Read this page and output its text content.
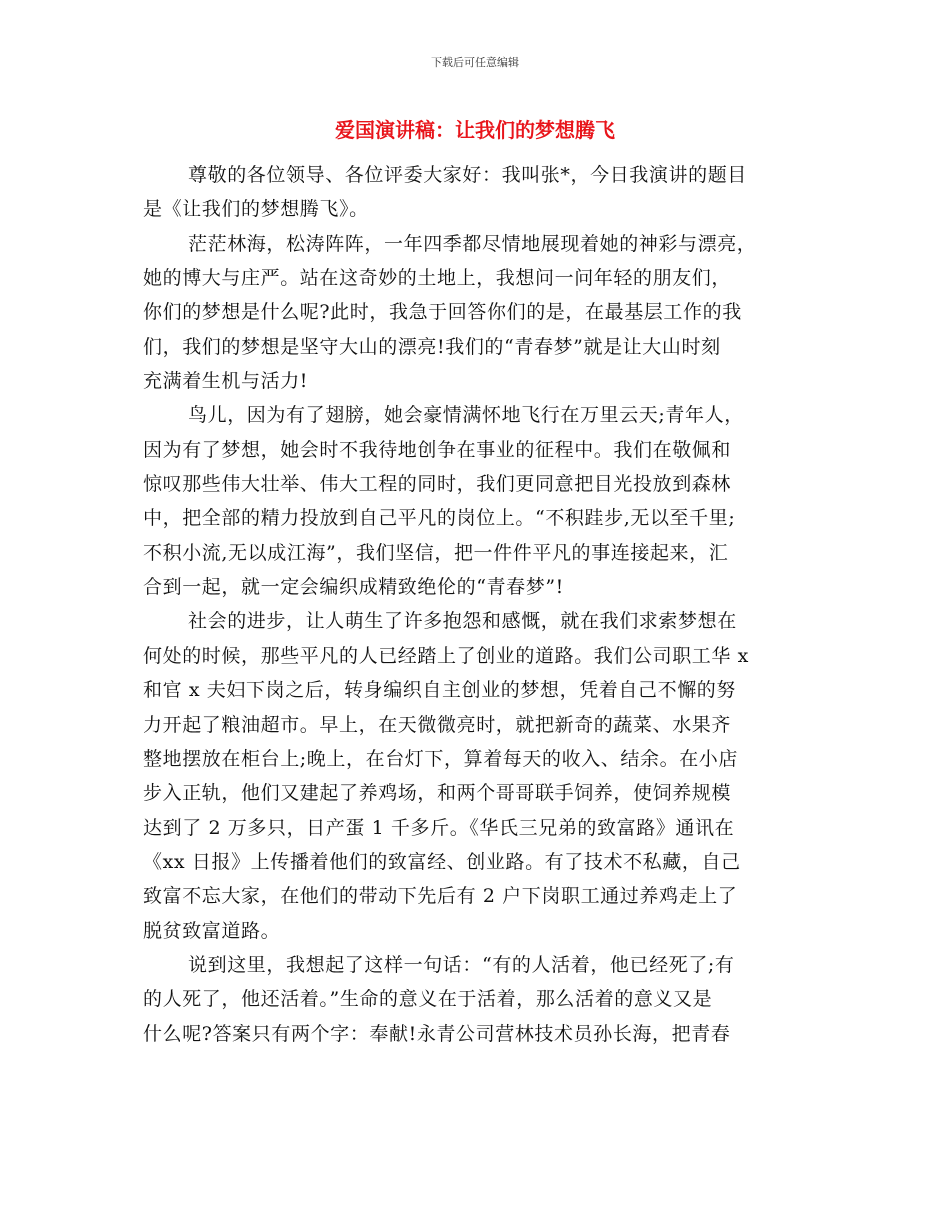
下载后可任意编辑
爱国演讲稿：让我们的梦想腾飞
尊敬的各位领导、各位评委大家好：我叫张*，今日我演讲的题目
是《让我们的梦想腾飞》。
茫茫林海，松涛阵阵，一年四季都尽情地展现着她的神彩与漂亮，
她的博大与庄严。站在这奇妙的土地上，我想问一问年轻的朋友们，
你们的梦想是什么呢?此时，我急于回答你们的是，在最基层工作的我
们，我们的梦想是坚守大山的漂亮!我们的“青春梦”就是让大山时刻
充满着生机与活力!
鸟儿，因为有了翅膀，她会豪情满怀地飞行在万里云天;青年人，
因为有了梦想，她会时不我待地创争在事业的征程中。我们在敬佩和
惊叹那些伟大壮举、伟大工程的同时，我们更同意把目光投放到森林
中，把全部的精力投放到自己平凡的岗位上。“不积跬步,无以至千里;
不积小流,无以成江海”，我们坚信，把一件件平凡的事连接起来，汇
合到一起，就一定会编织成精致绝伦的“青春梦”!
社会的进步，让人萌生了许多抱怨和感慨，就在我们求索梦想在
何处的时候，那些平凡的人已经踏上了创业的道路。我们公司职工华 x
和官 x 夫妇下岗之后，转身编织自主创业的梦想，凭着自己不懈的努
力开起了粮油超市。早上，在天微微亮时，就把新奇的蔬菜、水果齐
整地摆放在柜台上;晚上，在台灯下，算着每天的收入、结余。在小店
步入正轨，他们又建起了养鸡场，和两个哥哥联手饲养，使饲养规模
达到了 2 万多只，日产蛋 1 千多斤。《华氏三兄弟的致富路》通讯在
《xx 日报》上传播着他们的致富经、创业路。有了技术不私藏，自己
致富不忘大家，在他们的带动下先后有 2 户下岗职工通过养鸡走上了
脱贫致富道路。
说到这里，我想起了这样一句话：“有的人活着，他已经死了;有
的人死了，他还活着。”生命的意义在于活着，那么活着的意义又是
什么呢?答案只有两个字：奉献!永青公司营林技术员孙长海，把青春
